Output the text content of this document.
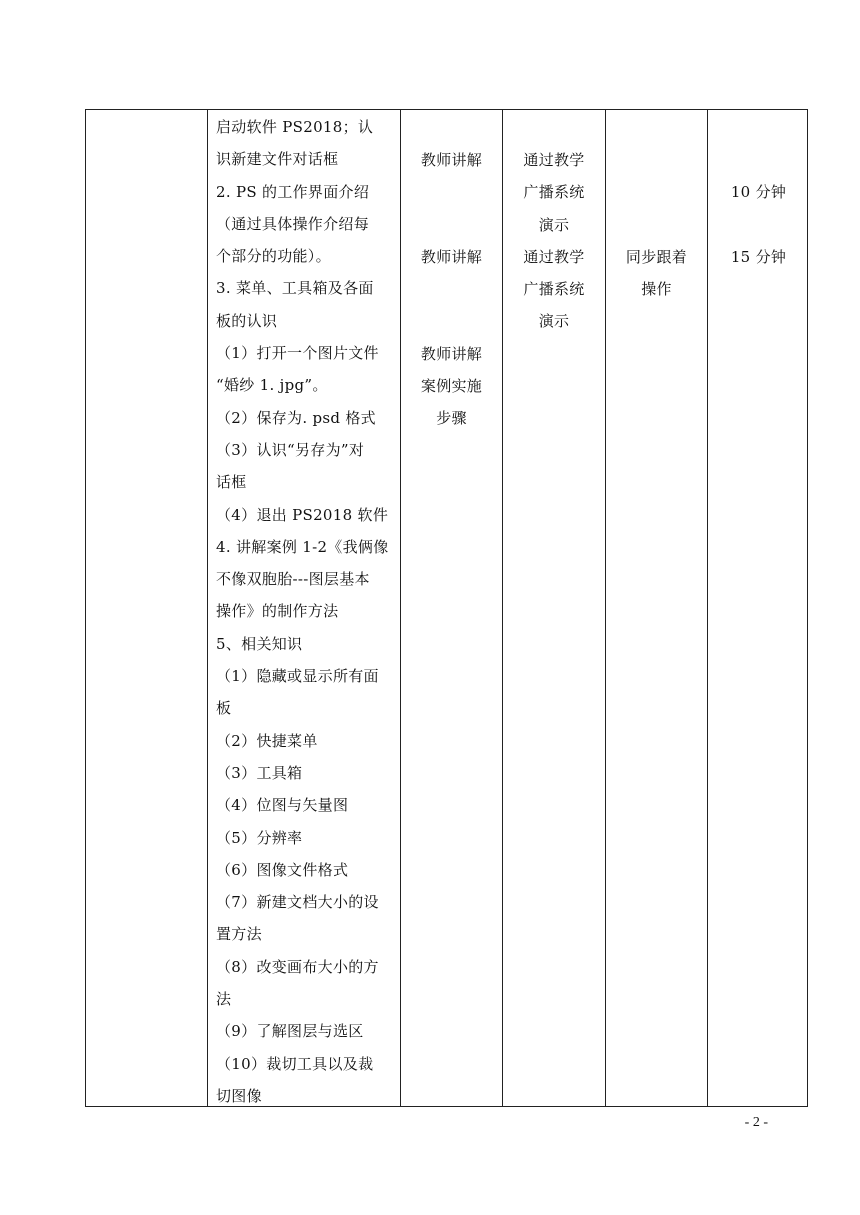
启动软件 PS2018；认
识新建文件对话框
2. PS 的工作界面介绍
（通过具体操作介绍每
个部分的功能）。
3. 菜单、工具箱及各面
板的认识
（1）打开一个图片文件
“婚纱 1. jpg”。
（2）保存为. psd 格式
（3）认识“另存为”对
话框
（4）退出 PS2018 软件
4. 讲解案例 1-2《我俩像
不像双胞胎---图层基本
操作》的制作方法
5、相关知识
（1）隐藏或显示所有面
板
（2）快捷菜单
（3）工具箱
（4）位图与矢量图
（5）分辨率
（6）图像文件格式
（7）新建文档大小的设
置方法
（8）改变画布大小的方
法
（9）了解图层与选区
（10）裁切工具以及裁
切图像
教师讲解
教师讲解
教师讲解
案例实施
步骤
通过教学
广播系统
演示
通过教学
广播系统
演示
同步跟着
操作
10 分钟
15 分钟
- 2 -
